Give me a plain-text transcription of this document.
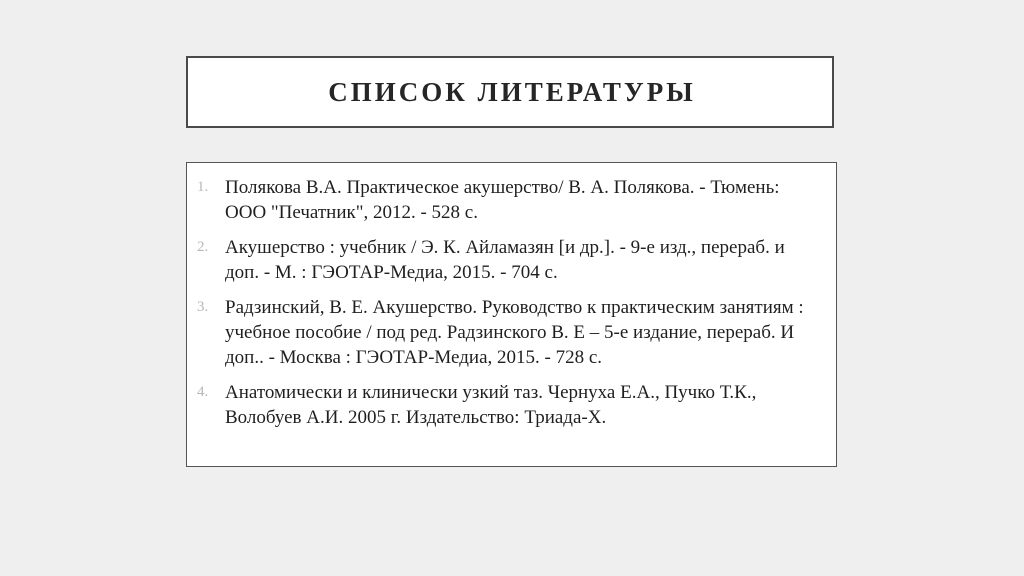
СПИСОК ЛИТЕРАТУРЫ
1. Полякова В.А. Практическое акушерство/ В. А. Полякова. - Тюмень: ООО "Печатник", 2012. - 528 с.
2. Акушерство : учебник / Э. К. Айламазян [и др.]. - 9-е изд., перераб. и доп. - М. : ГЭОТАР-Медиа, 2015. - 704 с.
3. Радзинский, В. Е. Акушерство. Руководство к практическим занятиям : учебное пособие / под ред. Радзинского В. Е – 5-е издание, перераб. И доп.. - Москва : ГЭОТАР-Медиа, 2015. - 728 с.
4. Анатомически и клинически узкий таз. Чернуха Е.А., Пучко Т.К., Волобуев А.И. 2005 г. Издательство: Триада-Х.
